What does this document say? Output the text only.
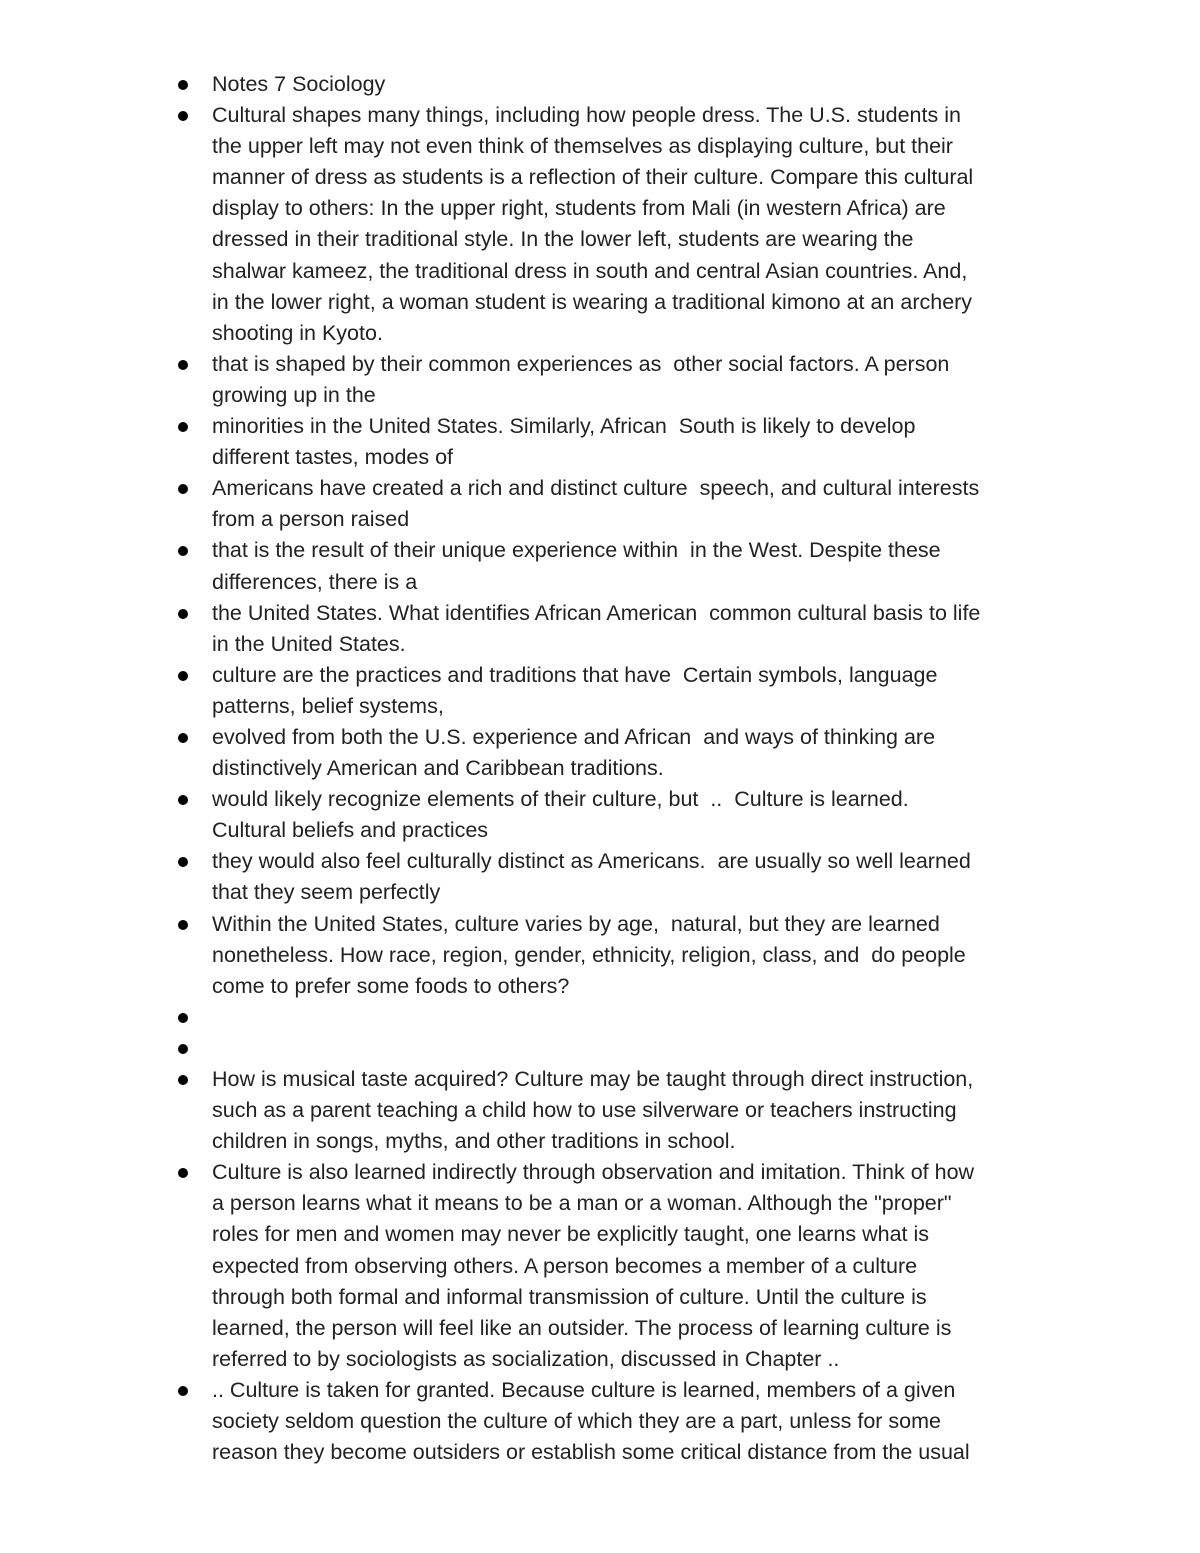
Notes 7 Sociology
Cultural shapes many things, including how people dress. The U.S. students in
the upper left may not even think of themselves as displaying culture, but their
manner of dress as students is a reflection of their culture. Compare this cultural
display to others: In the upper right, students from Mali (in western Africa) are
dressed in their traditional style. In the lower left, students are wearing the
shalwar kameez, the traditional dress in south and central Asian countries. And,
in the lower right, a woman student is wearing a traditional kimono at an archery
shooting in Kyoto.
that is shaped by their common experiences as  other social factors. A person
growing up in the
minorities in the United States. Similarly, African  South is likely to develop
different tastes, modes of
Americans have created a rich and distinct culture  speech, and cultural interests
from a person raised
that is the result of their unique experience within  in the West. Despite these
differences, there is a
the United States. What identifies African American  common cultural basis to life
in the United States.
culture are the practices and traditions that have  Certain symbols, language
patterns, belief systems,
evolved from both the U.S. experience and African  and ways of thinking are
distinctively American and Caribbean traditions.
would likely recognize elements of their culture, but  ..  Culture is learned.
Cultural beliefs and practices
they would also feel culturally distinct as Americans.  are usually so well learned
that they seem perfectly
Within the United States, culture varies by age,  natural, but they are learned
nonetheless. How race, region, gender, ethnicity, religion, class, and  do people
come to prefer some foods to others?
How is musical taste acquired? Culture may be taught through direct instruction,
such as a parent teaching a child how to use silverware or teachers instructing
children in songs, myths, and other traditions in school.
Culture is also learned indirectly through observation and imitation. Think of how
a person learns what it means to be a man or a woman. Although the "proper"
roles for men and women may never be explicitly taught, one learns what is
expected from observing others. A person becomes a member of a culture
through both formal and informal transmission of culture. Until the culture is
learned, the person will feel like an outsider. The process of learning culture is
referred to by sociologists as socialization, discussed in Chapter ..
.. Culture is taken for granted. Because culture is learned, members of a given
society seldom question the culture of which they are a part, unless for some
reason they become outsiders or establish some critical distance from the usual
